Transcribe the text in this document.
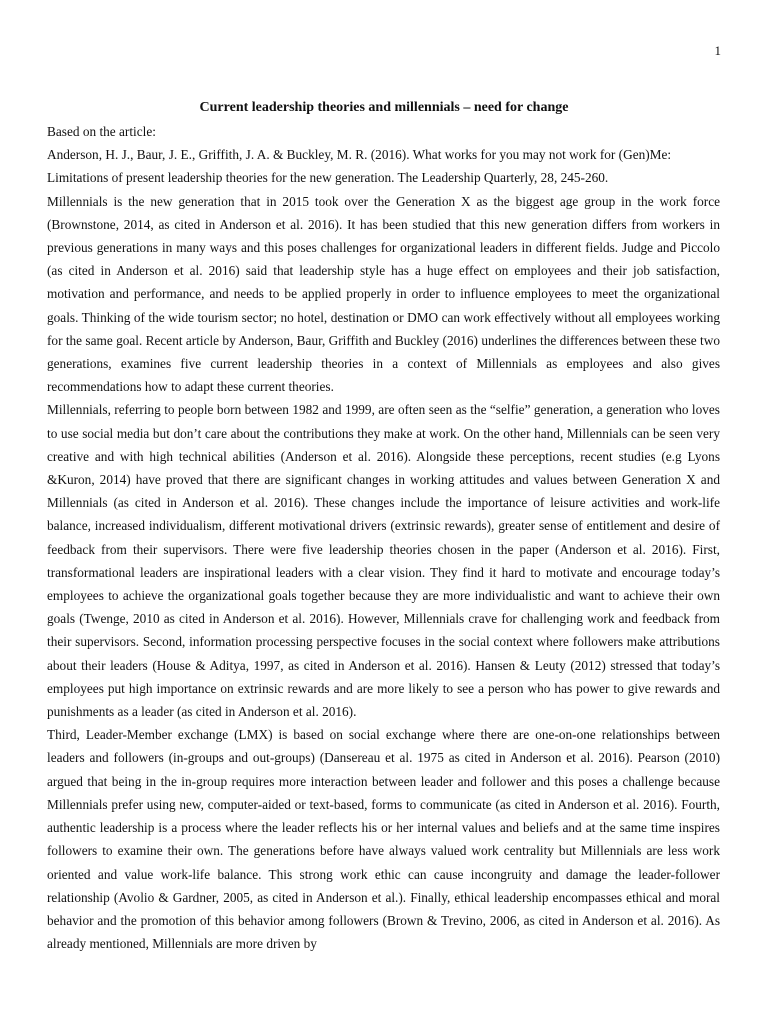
1
Current leadership theories and millennials – need for change

Based on the article:

Anderson, H. J., Baur, J. E., Griffith, J. A. & Buckley, M. R. (2016). What works for you may not work for (Gen)Me: Limitations of present leadership theories for the new generation. The Leadership Quarterly, 28, 245-260.

Millennials is the new generation that in 2015 took over the Generation X as the biggest age group in the work force (Brownstone, 2014, as cited in Anderson et al. 2016). It has been studied that this new generation differs from workers in previous generations in many ways and this poses challenges for organizational leaders in different fields. Judge and Piccolo (as cited in Anderson et al. 2016) said that leadership style has a huge effect on employees and their job satisfaction, motivation and performance, and needs to be applied properly in order to influence employees to meet the organizational goals. Thinking of the wide tourism sector; no hotel, destination or DMO can work effectively without all employees working for the same goal. Recent article by Anderson, Baur, Griffith and Buckley (2016) underlines the differences between these two generations, examines five current leadership theories in a context of Millennials as employees and also gives recommendations how to adapt these current theories.

Millennials, referring to people born between 1982 and 1999, are often seen as the “selfie” generation, a generation who loves to use social media but don’t care about the contributions they make at work. On the other hand, Millennials can be seen very creative and with high technical abilities (Anderson et al. 2016). Alongside these perceptions, recent studies (e.g Lyons &Kuron, 2014) have proved that there are significant changes in working attitudes and values between Generation X and Millennials (as cited in Anderson et al. 2016). These changes include the importance of leisure activities and work-life balance, increased individualism, different motivational drivers (extrinsic rewards), greater sense of entitlement and desire of feedback from their supervisors. There were five leadership theories chosen in the paper (Anderson et al. 2016). First, transformational leaders are inspirational leaders with a clear vision. They find it hard to motivate and encourage today’s employees to achieve the organizational goals together because they are more individualistic and want to achieve their own goals (Twenge, 2010 as cited in Anderson et al. 2016). However, Millennials crave for challenging work and feedback from their supervisors. Second, information processing perspective focuses in the social context where followers make attributions about their leaders (House & Aditya, 1997, as cited in Anderson et al. 2016). Hansen & Leuty (2012) stressed that today’s employees put high importance on extrinsic rewards and are more likely to see a person who has power to give rewards and punishments as a leader (as cited in Anderson et al. 2016).

Third, Leader-Member exchange (LMX) is based on social exchange where there are one-on-one relationships between leaders and followers (in-groups and out-groups) (Dansereau et al. 1975 as cited in Anderson et al. 2016). Pearson (2010) argued that being in the in-group requires more interaction between leader and follower and this poses a challenge because Millennials prefer using new, computer-aided or text-based, forms to communicate (as cited in Anderson et al. 2016). Fourth, authentic leadership is a process where the leader reflects his or her internal values and beliefs and at the same time inspires followers to examine their own. The generations before have always valued work centrality but Millennials are less work oriented and value work-life balance. This strong work ethic can cause incongruity and damage the leader-follower relationship (Avolio & Gardner, 2005, as cited in Anderson et al.). Finally, ethical leadership encompasses ethical and moral behavior and the promotion of this behavior among followers (Brown & Trevino, 2006, as cited in Anderson et al. 2016). As already mentioned, Millennials are more driven by
